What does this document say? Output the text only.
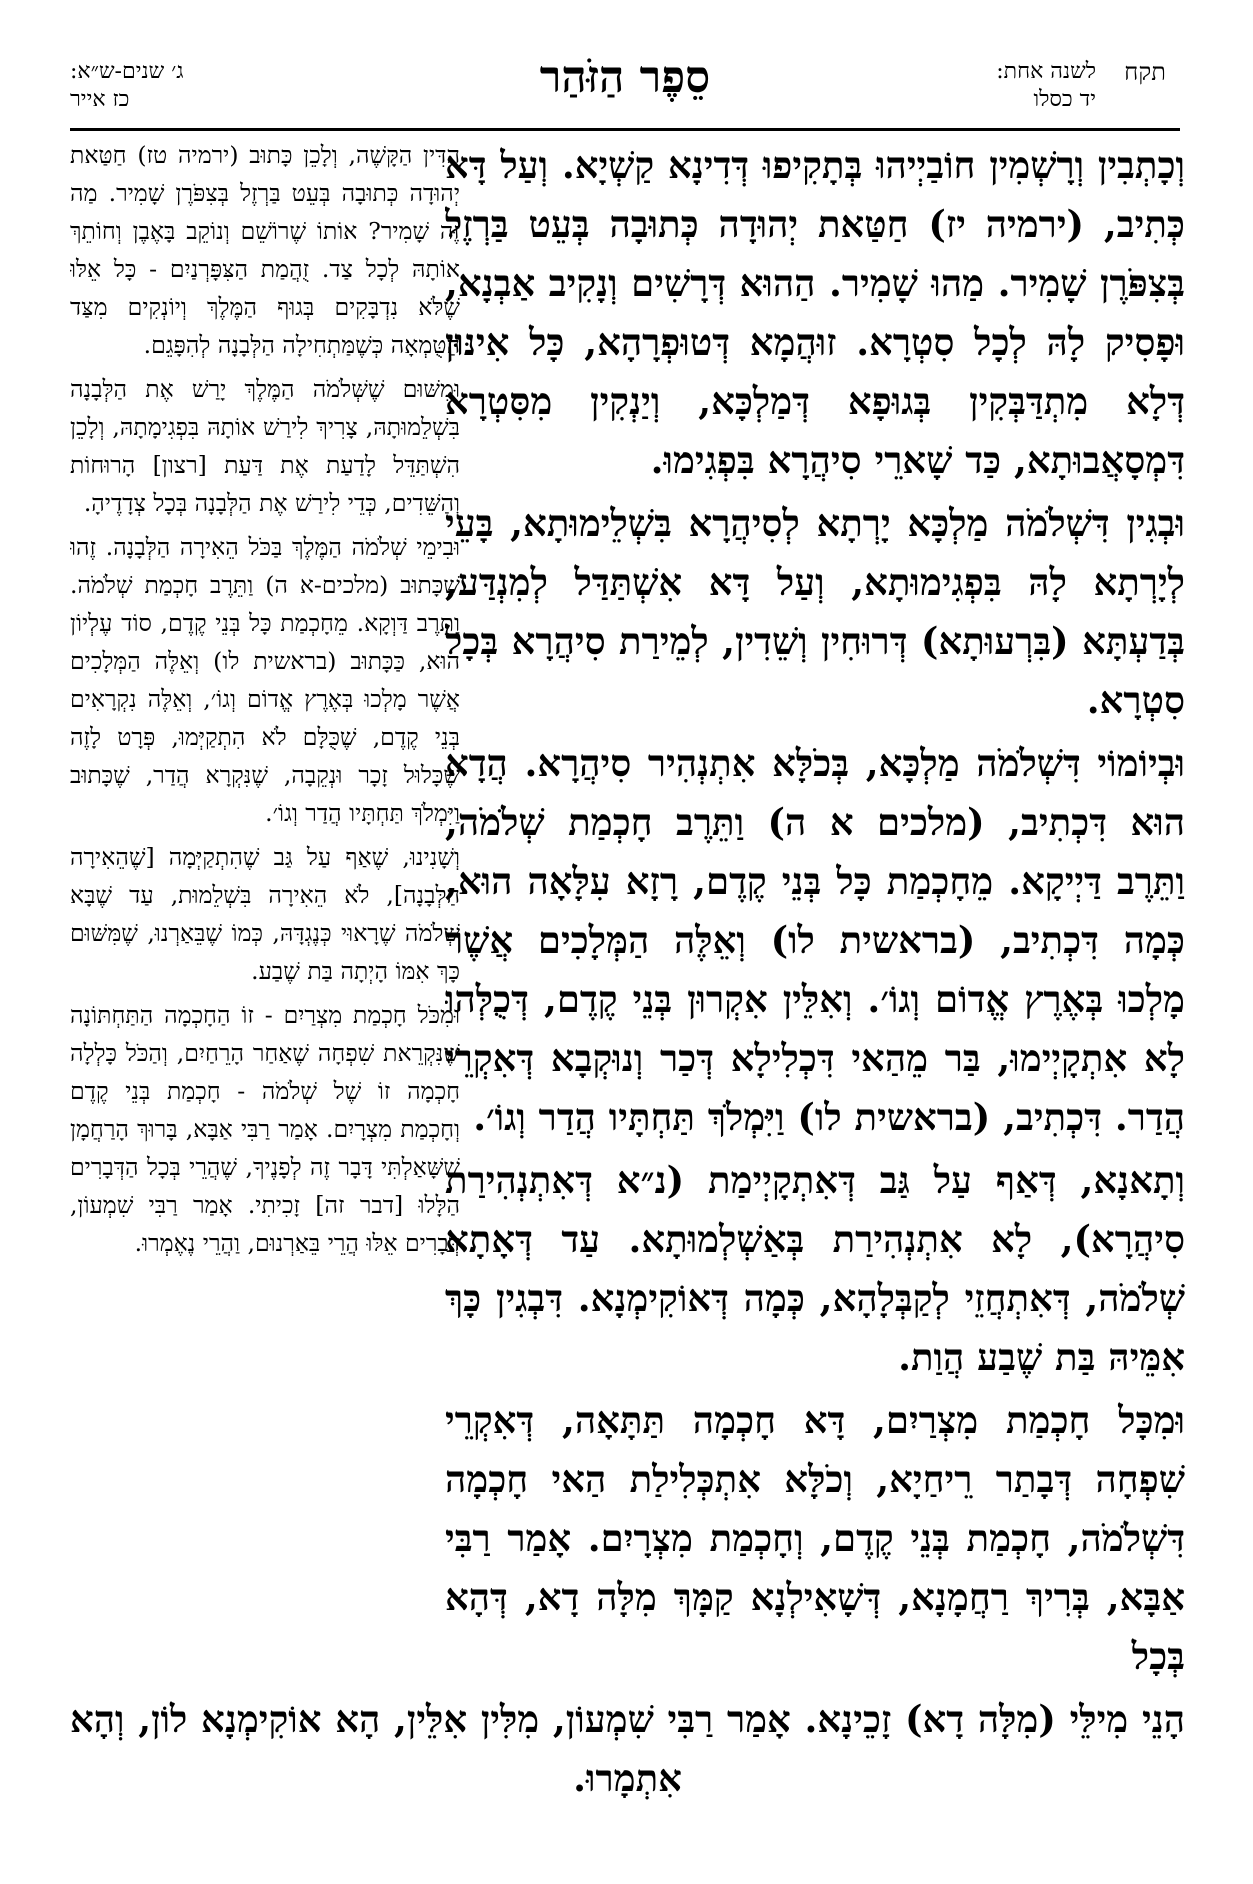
תקח
לשנה אחת:
יד כסלו
סֵפֶר הַזֹּהַר
ג׳ שנים-ש״א:
כז אייר

וְכָתְבִין וְרָשְׁמִין חוֹבַיְיהוּ בְּתָקִיפוּ דְּדִינָא קַשְׁיָא. וְעַל דָּא כְּתִיב, (ירמיה יז) חַטַּאת יְהוּדָה כְּתוּבָה בְּעֵט בַּרְזֶל בְּצִפֹּרֶן שָׁמִיר. מַהוּ שָׁמִיר. הַהוּא דְּרָשִׁים וְנָקִיב אַבְנָא, וּפָסִיק לָהּ לְכָל סִטְרָא. זוּהֲמָא דְּטוּפְרָהָא, כָּל אִינּוּן דְּלָא מִתְדַּבְּקִין בְּגוּפָא דְּמַלְכָּא, וְיַנְקִין מִסִּטְרָא דִּמְסָאֲבוּתָא, כַּד שָׁארֵי סִיהֲרָא בִּפְגִימוּ.

וּבְגִין דִּשְׁלֹמֹה מַלְכָּא יָרְתָא לְסִיהֲרָא בִּשְׁלֵימוּתָא, בָּעֵי לְיָרְתָא לָהּ בִּפְגִימוּתָא, וְעַל דָּא אִשְׁתַּדַּל לְמִנְדַּע, בְּדַעְתָּא (בִּרְעוּתָא) דְּרוּחִין וְשֵׁדִין, לְמֵירַת סִיהֲרָא בְּכָל סִטְרָא.

וּבְיוֹמוֹי דִּשְׁלֹמֹה מַלְכָּא, בְּכֹלָּא אִתְנְהִיר סִיהֲרָא. הֲדָא הוּא דִּכְתִיב, (מלכים א ה) וַתֵּרֶב חָכְמַת שְׁלֹמֹה, וַתֵּרֶב דַּיְיקָא. מֵחָכְמַת כָּל בְּנֵי קֶדֶם, רָזָא עִלָּאָה הוּא, כְּמָה דִּכְתִיב, (בראשית לו) וְאֵלֶּה הַמְּלָכִים אֲשֶׁר מָלְכוּ בְּאֶרֶץ אֱדוֹם וְגוֹ׳. וְאִלֵּין אִקְרוּן בְּנֵי קֶדֶם, דְּכֻלְּהוּ לָא אִתְקָיְימוּ, בַּר מֵהַאי דִּכְלִילָא דְּכַר וְנוּקְבָא דְּאִקְרֵי הֲדַר. דִּכְתִיב, (בראשית לו) וַיִּמְלֹךְ תַּחְתָּיו הֲדַר וְגוֹ׳.

וְתָאנָא, דְּאַף עַל גַּב דְּאִתְקָיְימַת (נ״א דְּאִתְנְהִירַת סִיהֲרָא), לָא אִתְנְהִירַת בְּאַשְׁלְמוּתָא. עַד דְּאָתָא שְׁלֹמֹה, דְּאִתְחֲזֵי לְקַבְּלָהָא, כְּמָה דְּאוֹקִימְנָא. דִּבְגִין כָּךְ אִמֵּיהּ בַּת שֶׁבַע הֲוַת.

וּמִכָּל חָכְמַת מִצְרַיִם, דָּא חָכְמָה תַּתָּאָה, דְּאִקְרֵי שִׁפְחָה דְּבָתַר רֵיחַיָא, וְכֹלָּא אִתְכְּלִילַת הַאי חָכְמָה דִּשְׁלֹמֹה, חָכְמַת בְּנֵי קֶדֶם, וְחָכְמַת מִצְרָיִם. אָמַר רַבִּי אַבָּא, בְּרִיךְ רַחֲמָנָא, דְּשָׁאִילְנָא קַמָּךְ מִלָּה דָא, דְּהָא בְּכָל

הַדִּין הַקָּשֶׁה, וְלָכֵן כָּתוּב (ירמיה טז) חַטַּאת יְהוּדָה כְּתוּבָה בְּעֵט בַּרְזֶל בְּצִפֹּרֶן שָׁמִיר. מַה זֶּה שָׁמִיר? אוֹתוֹ שֶׁרוֹשֵׁם וְנוֹקֵב בָּאֶבֶן וְחוֹתֵךְ אוֹתָהּ לְכָל צַד. זֻהֲמַת הַצִּפָּרְנַיִם - כָּל אֵלּוּ שֶׁלֹּא נִדְבָּקִים בְּגוּף הַמֶּלֶךְ וְיוֹנְקִים מִצַּד הַטֻּמְאָה כְּשֶׁמַּתְחִילָה הַלְּבָנָה לְהִפָּגֵם.

וּמִשּׁוּם שֶׁשְּׁלֹמֹה הַמֶּלֶךְ יָרַשׁ אֶת הַלְּבָנָה בִּשְׁלֵמוּתָהּ, צָרִיךְ לִירַשׁ אוֹתָהּ בִּפְגִימָתָהּ, וְלָכֵן הִשְׁתַּדֵּל לָדַעַת אֶת דַּעַת [רצון] הָרוּחוֹת וְהַשֵּׁדִים, כְּדֵי לִירַשׁ אֶת הַלְּבָנָה בְּכָל צְדָדֶיהָ.

וּבִימֵי שְׁלֹמֹה הַמֶּלֶךְ בַּכֹּל הֵאִירָה הַלְּבָנָה. זֶהוּ שֶׁכָּתוּב (מלכים-א ה) וַתֵּרֶב חָכְמַת שְׁלֹמֹה. וַתֵּרֶב דַּוְקָא. מֵחָכְמַת כָּל בְּנֵי קֶדֶם, סוֹד עֶלְיוֹן הוּא, כַּכָּתוּב (בראשית לו) וְאֵלֶּה הַמְּלָכִים אֲשֶׁר מָלְכוּ בְּאֶרֶץ אֱדוֹם וְגוֹ׳, וְאֵלֶּה נִקְרָאִים בְּנֵי קֶדֶם, שֶׁכֻּלָּם לֹא הִתְקַיְּמוּ, פְּרָט לָזֶה שֶׁכָּלוּל זָכָר וּנְקֵבָה, שֶׁנִּקְרָא הֲדַר, שֶׁכָּתוּב וַיִּמְלֹךְ תַּחְתָּיו הֲדַר וְגוֹ׳.

וְשָׁנִינוּ, שֶׁאַף עַל גַּב שֶׁהִתְקַיְּמָה [שֶׁהֵאִירָה הַלְּבָנָה], לֹא הֵאִירָה בִּשְׁלֵמוּת, עַד שֶׁבָּא שְׁלֹמֹה שֶׁרָאוּי כְּנֶגְדָּהּ, כְּמוֹ שֶׁבֵּאַרְנוּ, שֶׁמִּשּׁוּם כָּךְ אִמּוֹ הָיְתָה בַּת שֶׁבַע.

וּמִכֹּל חָכְמַת מִצְרַיִם - זוֹ הַחָכְמָה הַתַּחְתּוֹנָה שֶׁנִּקְרֵאת שִׁפְחָה שֶׁאַחַר הָרֵחַיִם, וְהַכֹּל כָּלְלָה חָכְמָה זוֹ שֶׁל שְׁלֹמֹה - חָכְמַת בְּנֵי קֶדֶם וְחָכְמַת מִצְרָיִם. אָמַר רַבִּי אַבָּא, בָּרוּךְ הָרַחֲמָן שֶׁשָּׁאַלְתִּי דָּבָר זֶה לְפָנֶיךָ, שֶׁהֲרֵי בְּכָל הַדְּבָרִים הַלָּלוּ [דבר זה] זָכִיתִי. אָמַר רַבִּי שִׁמְעוֹן, דְּבָרִים אֵלּוּ הֲרֵי בֵּאַרְנוּם, וַהֲרֵי נֶאֶמְרוּ.

הָנֵי מִילֵּי (מִלָּה דָא) זָכֵינָא. אָמַר רַבִּי שִׁמְעוֹן, מִלִּין אִלֵּין, הָא אוֹקִימְנָא לוֹן, וְהָא אִתְמָרוּ.
